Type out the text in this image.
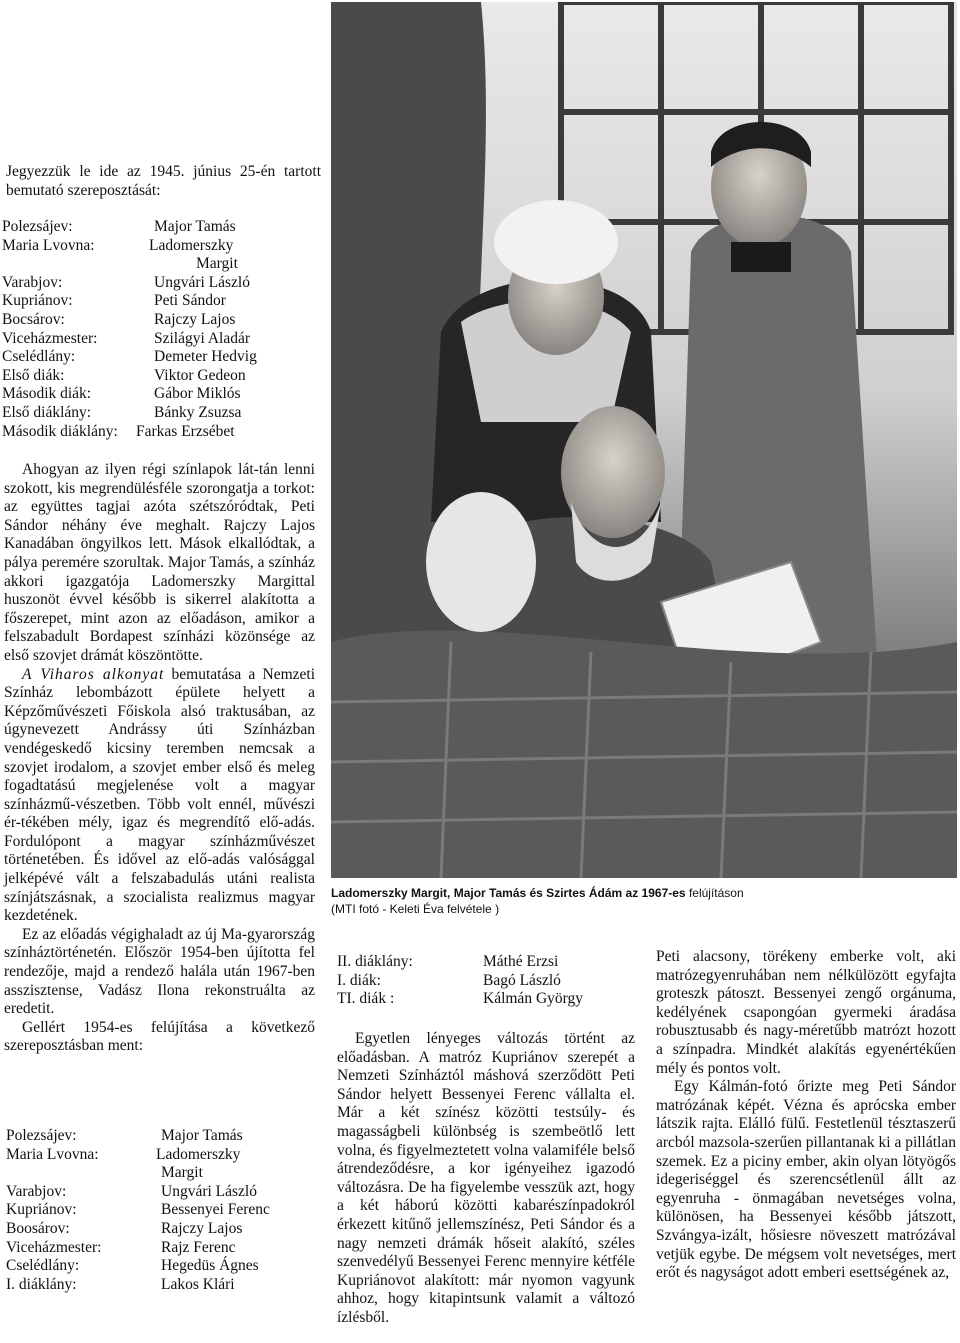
Jegyezzük le ide az 1945. június 25-én tartott bemutató szereposztását:
Polezsájev:	Major Tamás
Maria Lvovna:	Ladomerszky
Margit
Varabjov:	Ungvári László
Kupriánov:	Peti Sándor
Bocsárov:	Rajczy Lajos
Viceházmester:	Szilágyi Aladár
Cselédlány:	Demeter Hedvig
Első diák:	Viktor Gedeon
Második diák:	Gábor Miklós
Első diáklány:	Bánky Zsuzsa
Második diáklány: Farkas Erzsébet

Ahogyan az ilyen régi színlapok lát-tán lenni szokott, kis megrendülésféle szorongatja a torkot: az együttes tagjai azóta szétszóródtak, Peti Sándor néhány éve meghalt. Rajczy Lajos Kanadában öngyilkos lett. Mások elkallódtak, a pálya peremére szorultak. Major Tamás, a színház akkori igazgatója Ladomerszky Margittal huszonöt évvel később is sikerrel alakította a főszerepet, mint azon az előadáson, amikor a felszabadult Bordapest színházi közönsége az első szovjet drámát köszöntötte.

A Viharos alkonyat bemutatása a Nemzeti Színház lebombázott épülete helyett a Képzőművészeti Főiskola alsó traktusában, az úgynevezett Andrássy úti Színházban vendégeskedő kicsiny teremben nemcsak a szovjet irodalom, a szovjet ember első és meleg fogadtatású megjelenése volt a magyar színházmű-vészetben. Több volt ennél, művészi ér-tékében mély, igaz és megrendítő elő-adás. Fordulópont a magyar színházművészet történetében. És idővel az elő-adás valósággal jelképévé vált a felszabadulás utáni realista színjátszásnak, a szocialista realizmus magyar kezdetének.

Ez az előadás végighaladt az új Ma-gyarország színháztörténetén. Először 1954-ben újította fel rendezője, majd a rendező halála után 1967-ben asszisztense, Vadász Ilona rekonstruálta az eredetit.

Gellért 1954-es felújítása a következő szereposztásban ment:

Polezsájev:	Major Tamás
Maria Lvovna:	Ladomerszky
Margit
Varabjov:	Ungvári László
Kupriánov:	Bessenyei Ferenc
Boosárov:	Rajczy Lajos
Viceházmester:	Rajz Ferenc
Cselédlány:	Hegedüs Ágnes
I. diáklány:	Lakos Klári
Ladomerszky Margit, Major Tamás és Szirtes Ádám az 1967-es felújításon
(MTI fotó - Keleti Éva felvétele )
II. diáklány:	Máthé Erzsi
I. diák:	Bagó László
TI. diák :	Kálmán György

Egyetlen lényeges változás történt az előadásban. A matróz Kupriánov szerepét a Nemzeti Színháztól máshová szerződött Peti Sándor helyett Bessenyei Ferenc vállalta el. Már a két színész közötti testsúly- és magasságbeli különbség is szembeötlő lett volna, és figyelmeztetett volna valamiféle belső átrendeződésre, a kor igényeihez igazodó változásra. De ha figyelembe vesszük azt, hogy a két háború közötti kabarészínpadokról érkezett kitűnő jellemszínész, Peti Sándor és a nagy nemzeti drámák hőseit alakító, széles szenvedélyű Bessenyei Ferenc mennyire kétféle Kupriánovot alakított: már nyomon vagyunk ahhoz, hogy kitapintsunk valamit a változó ízlésből.

Peti alacsony, törékeny emberke volt, aki matrózegyenruhában nem nélkülözött egyfajta groteszk pátoszt. Bessenyei zengő orgánuma, kedélyének csapongóan gyermeki áradása robusztusabb és nagy-méretűbb matrózt hozott a színpadra. Mindkét alakítás egyenértékűen mély és pontos volt.

Egy Kálmán-fotó őrizte meg Peti Sándor matrózának képét. Vézna és aprócska ember látszik rajta. Elálló fülű. Festetlenül tésztaszerű arcból mazsola-szerűen pillantanak ki a pillátlan szemek. Ez a piciny ember, akin olyan lötyögős idegeriséggel és szerencsétlenül állt az egyenruha - önmagában nevetséges volna, különösen, ha Bessenyei később játszott, Szvángya-izált, hősiesre növeszett matrózával vetjük egybe. De mégsem volt nevetséges, mert erőt és nagyságot adott emberi esettségének az,
